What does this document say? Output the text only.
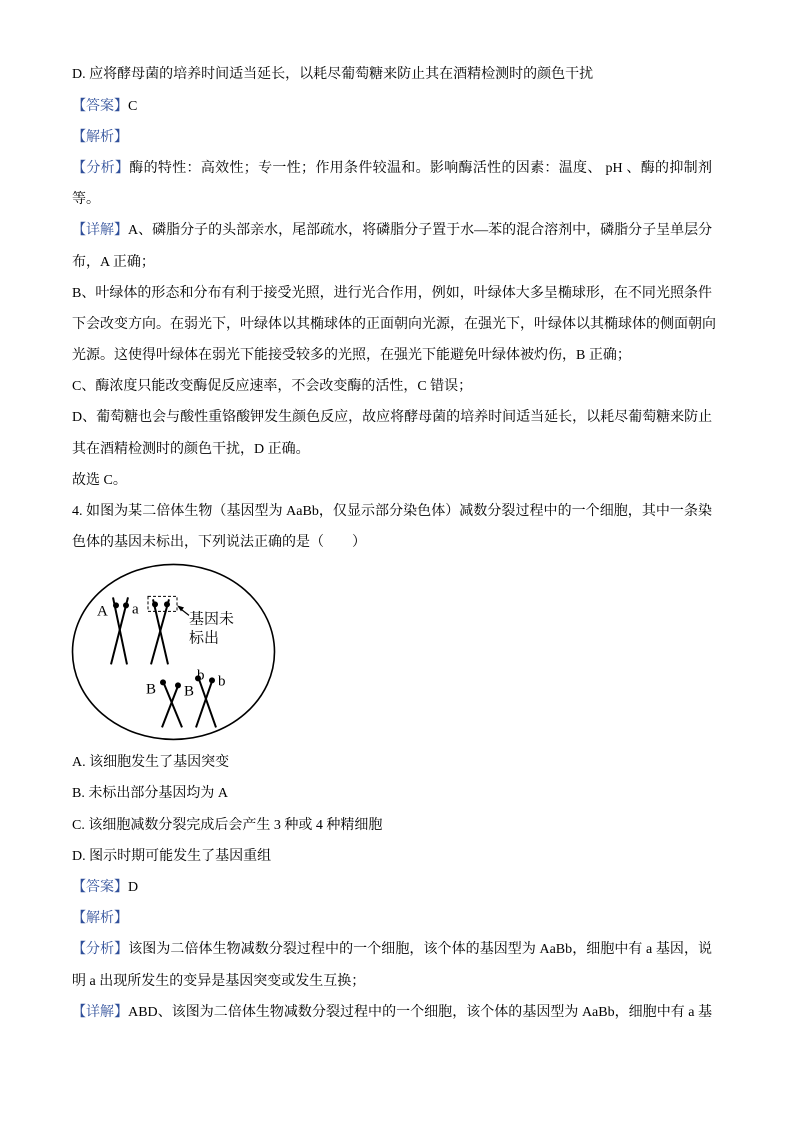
D. 应将酵母菌的培养时间适当延长，以耗尽葡萄糖来防止其在酒精检测时的颜色干扰
【答案】C
【解析】
【分析】酶的特性：高效性；专一性；作用条件较温和。影响酶活性的因素：温度、 pH 、酶的抑制剂
等。
【详解】A、磷脂分子的头部亲水，尾部疏水，将磷脂分子置于水—苯的混合溶剂中，磷脂分子呈单层分
布，A 正确；
B、叶绿体的形态和分布有利于接受光照，进行光合作用，例如，叶绿体大多呈椭球形，在不同光照条件
下会改变方向。在弱光下，叶绿体以其椭球体的正面朝向光源，在强光下，叶绿体以其椭球体的侧面朝向
光源。这使得叶绿体在弱光下能接受较多的光照，在强光下能避免叶绿体被灼伤，B 正确；
C、酶浓度只能改变酶促反应速率，不会改变酶的活性，C 错误；
D、葡萄糖也会与酸性重铬酸钾发生颜色反应，故应将酵母菌的培养时间适当延长，以耗尽葡萄糖来防止
其在酒精检测时的颜色干扰，D 正确。
故选 C。
4. 如图为某二倍体生物（基因型为 AaBb，仅显示部分染色体）减数分裂过程中的一个细胞，其中一条染
色体的基因未标出，下列说法正确的是（　　）
A a	基因未
标出
B B
b b
A. 该细胞发生了基因突变
B. 未标出部分基因均为 A
C. 该细胞减数分裂完成后会产生 3 种或 4 种精细胞
D. 图示时期可能发生了基因重组
【答案】D
【解析】
【分析】该图为二倍体生物减数分裂过程中的一个细胞，该个体的基因型为 AaBb，细胞中有 a 基因，说
明 a 出现所发生的变异是基因突变或发生互换；
【详解】ABD、该图为二倍体生物减数分裂过程中的一个细胞，该个体的基因型为 AaBb，细胞中有 a 基
